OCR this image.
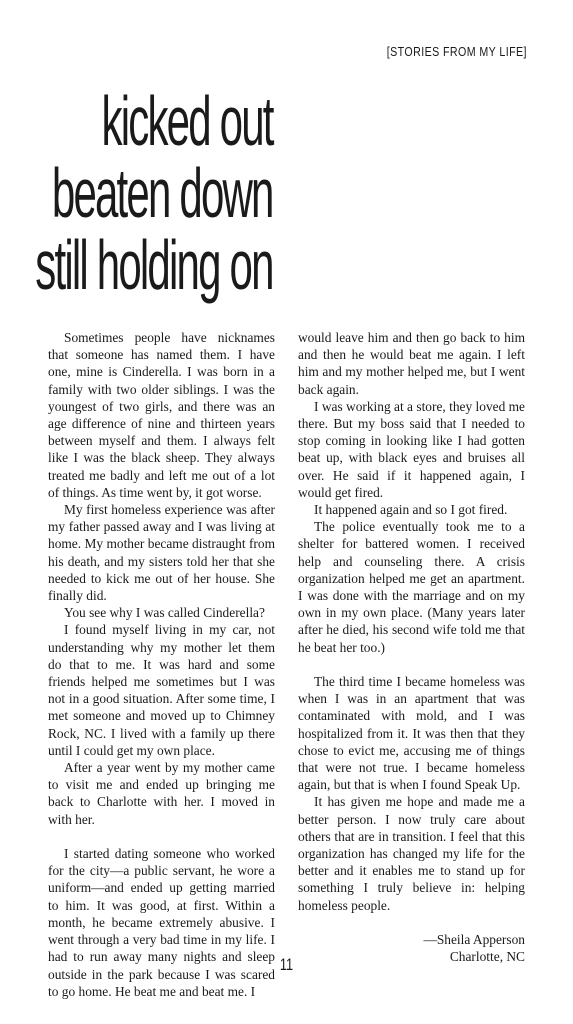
[STORIES FROM MY LIFE]
kicked out
beaten down
still holding on

Sometimes people have nicknames that someone has named them. I have one, mine is Cinderella. I was born in a family with two older siblings. I was the youngest of two girls, and there was an age difference of nine and thirteen years between myself and them. I always felt like I was the black sheep. They always treated me badly and left me out of a lot of things. As time went by, it got worse.

My first homeless experience was after my father passed away and I was living at home. My mother became distraught from his death, and my sisters told her that she needed to kick me out of her house. She finally did.

You see why I was called Cinderella?

I found myself living in my car, not understanding why my mother let them do that to me. It was hard and some friends helped me sometimes but I was not in a good situation. After some time, I met someone and moved up to Chimney Rock, NC. I lived with a family up there until I could get my own place.

After a year went by my mother came to visit me and ended up bringing me back to Charlotte with her. I moved in with her.

I started dating someone who worked for the city—a public servant, he wore a uniform—and ended up getting married to him. It was good, at first. Within a month, he became extremely abusive. I went through a very bad time in my life. I had to run away many nights and sleep outside in the park because I was scared to go home. He beat me and beat me. I

would leave him and then go back to him and then he would beat me again. I left him and my mother helped me, but I went back again.

I was working at a store, they loved me there. But my boss said that I needed to stop coming in looking like I had gotten beat up, with black eyes and bruises all over. He said if it happened again, I would get fired.

It happened again and so I got fired.

The police eventually took me to a shelter for battered women. I received help and counseling there. A crisis organization helped me get an apartment. I was done with the marriage and on my own in my own place. (Many years later after he died, his second wife told me that he beat her too.)

The third time I became homeless was when I was in an apartment that was contaminated with mold, and I was hospitalized from it. It was then that they chose to evict me, accusing me of things that were not true. I became homeless again, but that is when I found Speak Up.

It has given me hope and made me a better person. I now truly care about others that are in transition. I feel that this organization has changed my life for the better and it enables me to stand up for something I truly believe in: helping homeless people.

—Sheila Apperson
Charlotte, NC
11
